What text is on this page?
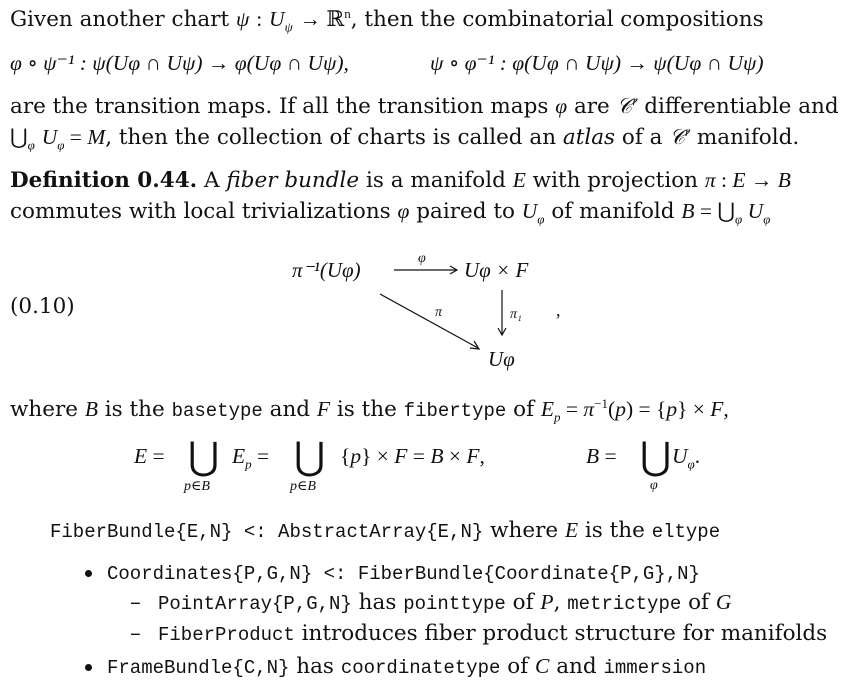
Given another chart ψ : $U_\psi$ → ℝ$^n$, then the combinatorial compositions
φ ∘ ψ⁻¹ : ψ(Uφ ∩ Uψ) → φ(Uφ ∩ Uψ),	ψ ∘ φ⁻¹ : φ(Uφ ∩ Uψ) → ψ(Uφ ∩ Uψ)
are the transition maps. If all the transition maps φ are 𝒞$^r$ differentiable and
$⋃_\varphi$ $U_\varphi = M$, then the collection of charts is called an atlas of a 𝒞$^r$ manifold.
Definition 0.44. A fiber bundle is a manifold E with projection π : E → B
commutes with local trivializations φ paired to $U_\varphi$ of manifold $B = ⋃_\varphi$ $U_\varphi$
(0.10)
π⁻¹(Uφ)	Uφ × F
Uφ
φ
π	π₁ ,
where B is the basetype and F is the fibertype of $E_p = \pi^{-1}(p) = \{p\} \times F$,
E = ⋃
p∈B
$E_p$ = ⋃
p∈B
{p} × F = B × F,	B = ⋃
φ
$U_\varphi$.
FiberBundle{E,N} <: AbstractArray{E,N} where E is the eltype
Coordinates{P,G,N} <: FiberBundle{Coordinate{P,G},N}
– PointArray{P,G,N} has pointtype of P, metrictype of G
– FiberProduct introduces fiber product structure for manifolds
FrameBundle{C,N} has coordinatetype of C and immersion
